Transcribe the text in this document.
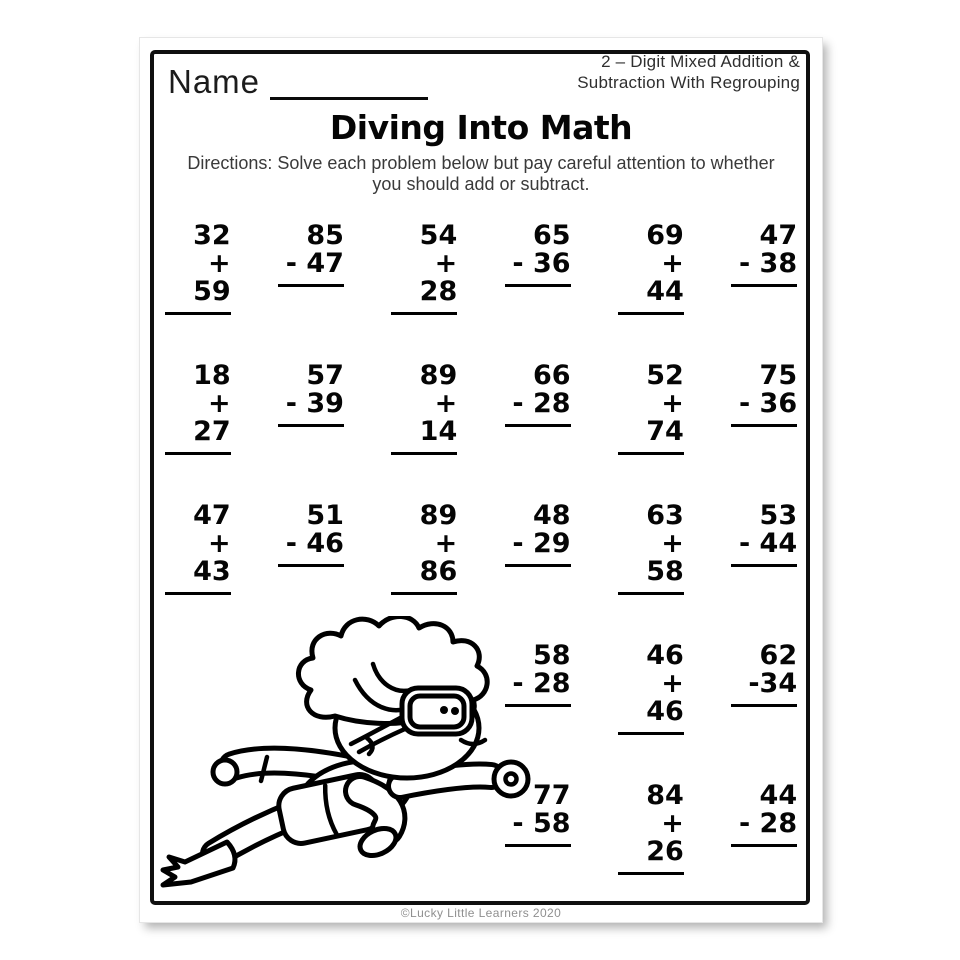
Name
2 – Digit Mixed Addition &
Subtraction With Regrouping
Diving Into Math
Directions: Solve each problem below but pay careful attention to whether
you should add or subtract.
32
+ 59
85
- 47
54
+ 28
65
- 36
69
+ 44
47
- 38
18
+ 27
57
- 39
89
+ 14
66
- 28
52
+ 74
75
- 36
47
+ 43
51
- 46
89
+ 86
48
- 29
63
+ 58
53
- 44
58
- 28
46
+ 46
62
-34
77
- 58
84
+ 26
44
- 28
©Lucky Little Learners 2020
